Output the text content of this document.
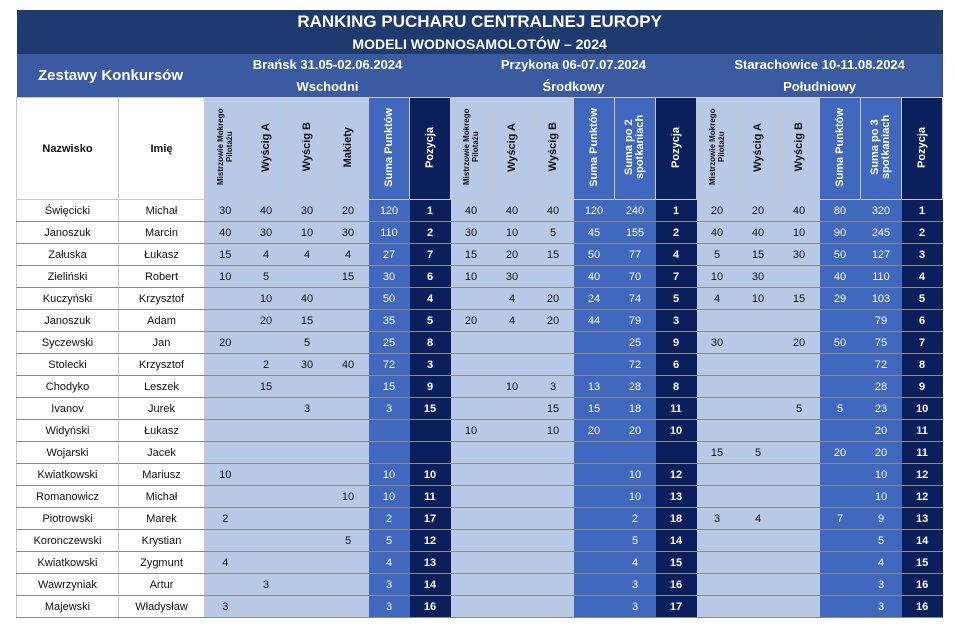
RANKING PUCHARU CENTRALNEJ EUROPY																			
MODELI WODNOSAMOLOTÓW – 2024																			
Zestawy Konkursów		Brańsk 31.05-02.06.2024						Przykona 06-07.07.2024						Starachowice 10-11.08.2024					
		Wschodni						Środkowy						Południowy					
Nazwisko	Imię	Mistrzowie Mokrego Pilotażu	Wyścig A	Wyścig B	Makiety	Suma Punktów	Pozycja	Mistrzowie Mokrego Pilotażu	Wyścig A	Wyścig B	Suma Punktów	Suma po 2 spotkaniach	Pozycja	Mistrzowie Mokrego Pilotażu	Wyścig A	Wyścig B	Suma Punktów	Suma po 3 spotkaniach	Pozycja
Święcicki	Michał	30	40	30	20	120	1	40	40	40	120	240	1	20	20	40	80	320	1
Janoszuk	Marcin	40	30	10	30	110	2	30	10	5	45	155	2	40	40	10	90	245	2
Załuska	Łukasz	15	4	4	4	27	7	15	20	15	50	77	4	5	15	30	50	127	3
Zieliński	Robert	10	5		15	30	6	10	30		40	70	7	10	30		40	110	4
Kuczyński	Krzysztof		10	40		50	4		4	20	24	74	5	4	10	15	29	103	5
Janoszuk	Adam		20	15		35	5	20	4	20	44	79	3					79	6
Syczewski	Jan	20		5		25	8					25	9	30		20	50	75	7
Stolecki	Krzysztof		2	30	40	72	3					72	6					72	8
Chodyko	Leszek		15			15	9		10	3	13	28	8					28	9
Ivanov	Jurek			3		3	15			15	15	18	11			5	5	23	10
Widyński	Łukasz							10		10	20	20	10					20	11
Wojarski	Jacek													15	5		20	20	11
Kwiatkowski	Mariusz	10				10	10					10	12					10	12
Romanowicz	Michał				10	10	11					10	13					10	12
Piotrowski	Marek	2				2	17					2	18	3	4		7	9	13
Koronczewski	Krystian				5	5	12					5	14					5	14
Kwiatkowski	Zygmunt	4				4	13					4	15					4	15
Wawrzyniak	Artur		3			3	14					3	16					3	16
Majewski	Władysław	3				3	16					3	17					3	16
